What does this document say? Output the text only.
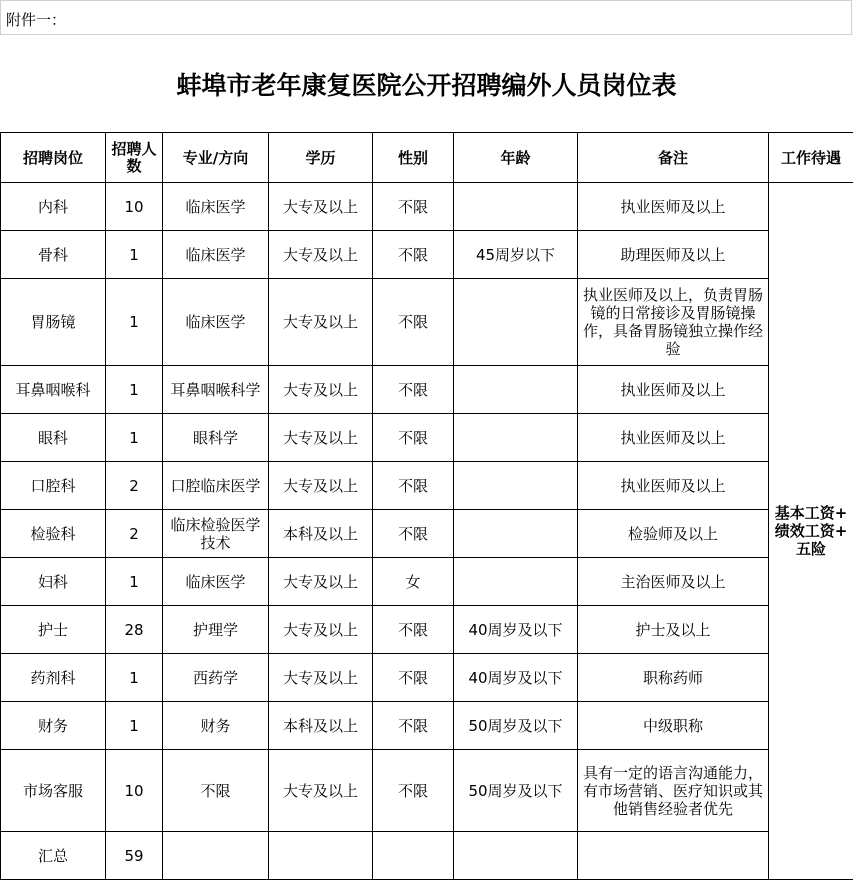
附件一：
蚌埠市老年康复医院公开招聘编外人员岗位表
招聘岗位	招聘人数	专业/方向	学历	性别	年龄	备注	工作待遇
内科	10	临床医学	大专及以上	不限		执业医师及以上	基本工资+
绩效工资+
五险

骨科	1	临床医学	大专及以上	不限	45周岁以下	助理医师及以上	
胃肠镜	1	临床医学	大专及以上	不限		执业医师及以上，负责胃肠镜的日常接诊及胃肠镜操作，具备胃肠镜独立操作经验	
耳鼻咽喉科	1	耳鼻咽喉科学	大专及以上	不限		执业医师及以上	
眼科	1	眼科学	大专及以上	不限		执业医师及以上	
口腔科	2	口腔临床医学	大专及以上	不限		执业医师及以上	
检验科	2	临床检验医学技术	本科及以上	不限		检验师及以上	
妇科	1	临床医学	大专及以上	女		主治医师及以上	
护士	28	护理学	大专及以上	不限	40周岁及以下	护士及以上	
药剂科	1	西药学	大专及以上	不限	40周岁及以下	职称药师	
财务	1	财务	本科及以上	不限	50周岁及以下	中级职称	
市场客服	10	不限	大专及以上	不限	50周岁及以下	具有一定的语言沟通能力，有市场营销、医疗知识或其他销售经验者优先	
汇总	59						
